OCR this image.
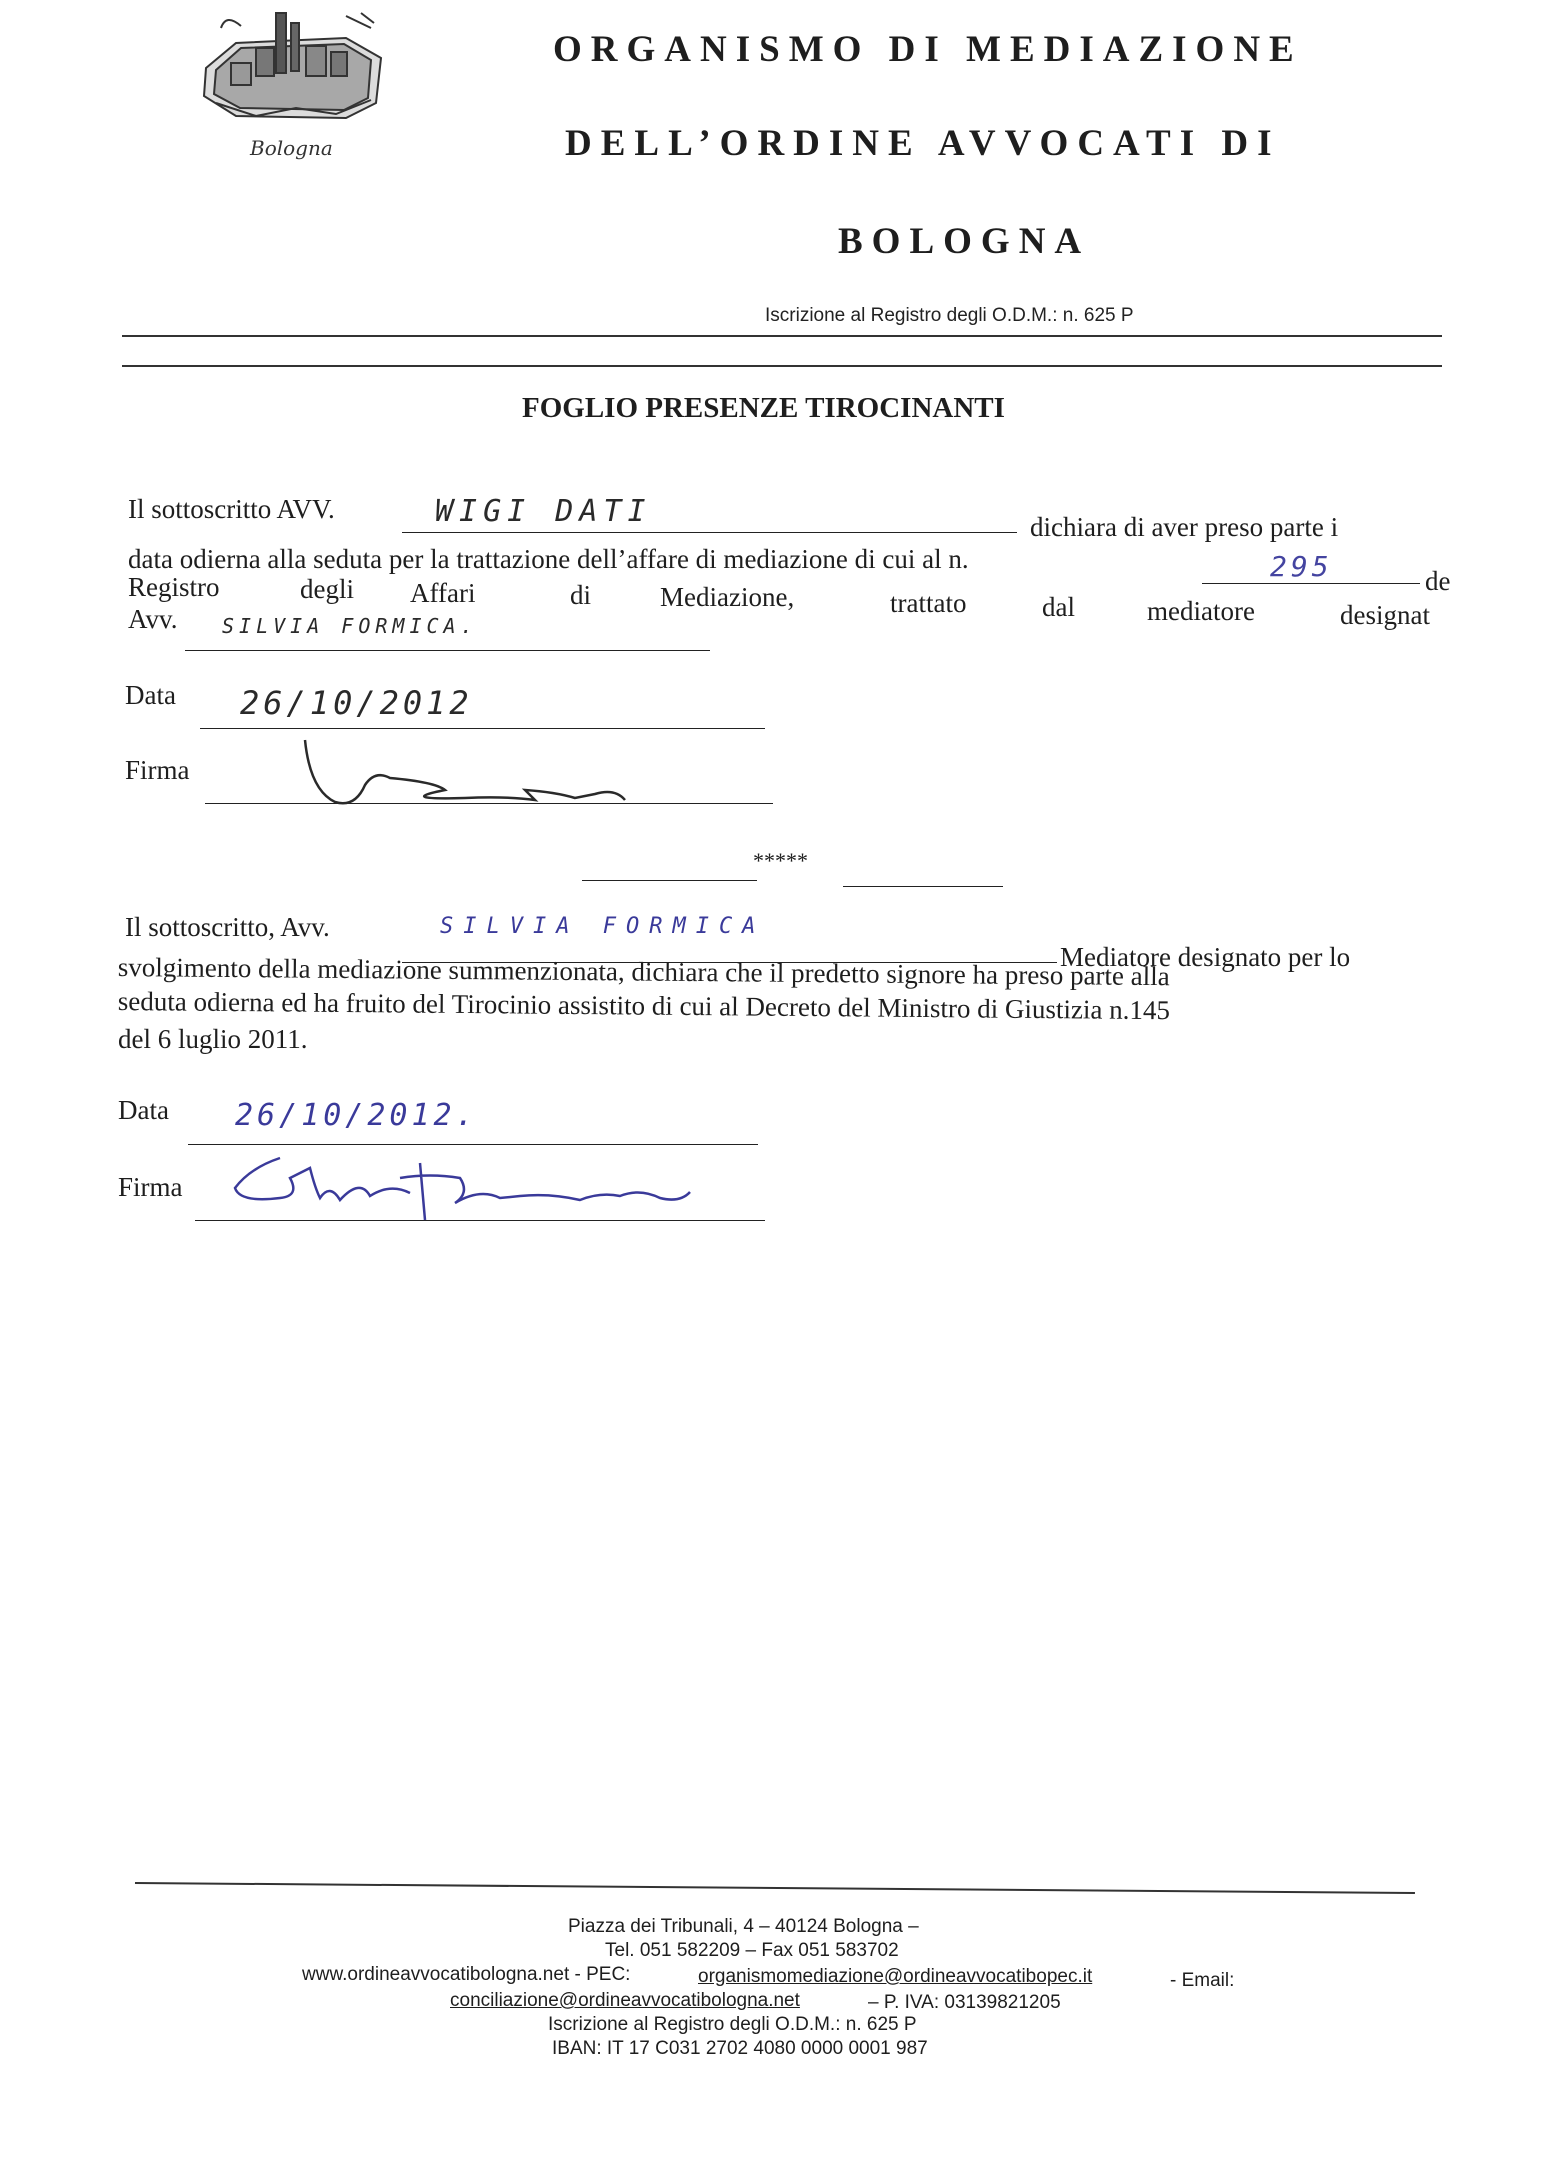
Bologna
ORGANISMO DI MEDIAZIONE
DELL’ORDINE AVVOCATI DI
BOLOGNA
Iscrizione al Registro degli O.D.M.: n. 625 P
FOGLIO PRESENZE TIROCINANTI
Il sottoscritto AVV.	WIGI DATI	dichiara di aver preso parte i
data odierna alla seduta per la trattazione dell’affare di mediazione di cui al n.	295	de
Registro	degli Affari	di	Mediazione,	trattato	dal	mediatore	designat
Avv. SILVIA FORMICA.
Data 26/10/2012
Firma
*****
Il sottoscritto, Avv.	SILVIA FORMICA
Mediatore designato per lo
svolgimento della mediazione summenzionata, dichiara che il predetto signore ha preso parte alla
seduta odierna ed ha fruito del Tirocinio assistito di cui al Decreto del Ministro di Giustizia n.145
del 6 luglio 2011.
Data 26/10/2012.
Firma
Piazza dei Tribunali, 4 – 40124 Bologna –
Tel. 051 582209 – Fax 051 583702
www.ordineavvocatibologna.net - PEC:	organismomediazione@ordineavvocatibopec.it	- Email:
conciliazione@ordineavvocatibologna.net	– P. IVA: 03139821205
Iscrizione al Registro degli O.D.M.: n. 625 P
IBAN: IT 17 C031 2702 4080 0000 0001 987
